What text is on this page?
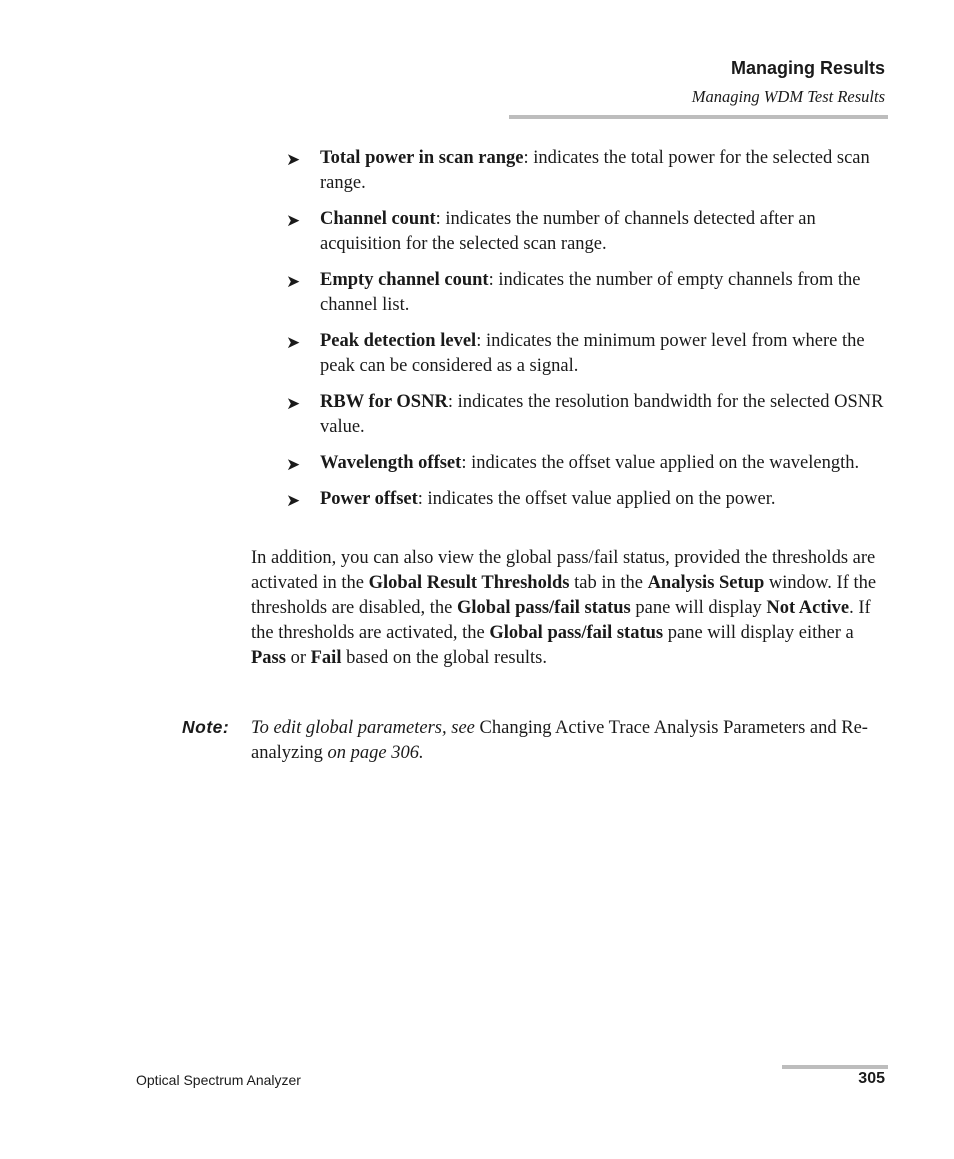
Managing Results
Managing WDM Test Results
➤ Total power in scan range: indicates the total power for the selected scan range.
➤ Channel count: indicates the number of channels detected after an acquisition for the selected scan range.
➤ Empty channel count: indicates the number of empty channels from the channel list.
➤ Peak detection level: indicates the minimum power level from where the peak can be considered as a signal.
➤ RBW for OSNR: indicates the resolution bandwidth for the selected OSNR value.
➤ Wavelength offset: indicates the offset value applied on the wavelength.
➤ Power offset: indicates the offset value applied on the power.

In addition, you can also view the global pass/fail status, provided the thresholds are activated in the Global Result Thresholds tab in the Analysis Setup window. If the thresholds are disabled, the Global pass/fail status pane will display Not Active. If the thresholds are activated, the Global pass/fail status pane will display either a Pass or Fail based on the global results.

Note: To edit global parameters, see Changing Active Trace Analysis Parameters and Re-analyzing on page 306.

Optical Spectrum Analyzer	305
